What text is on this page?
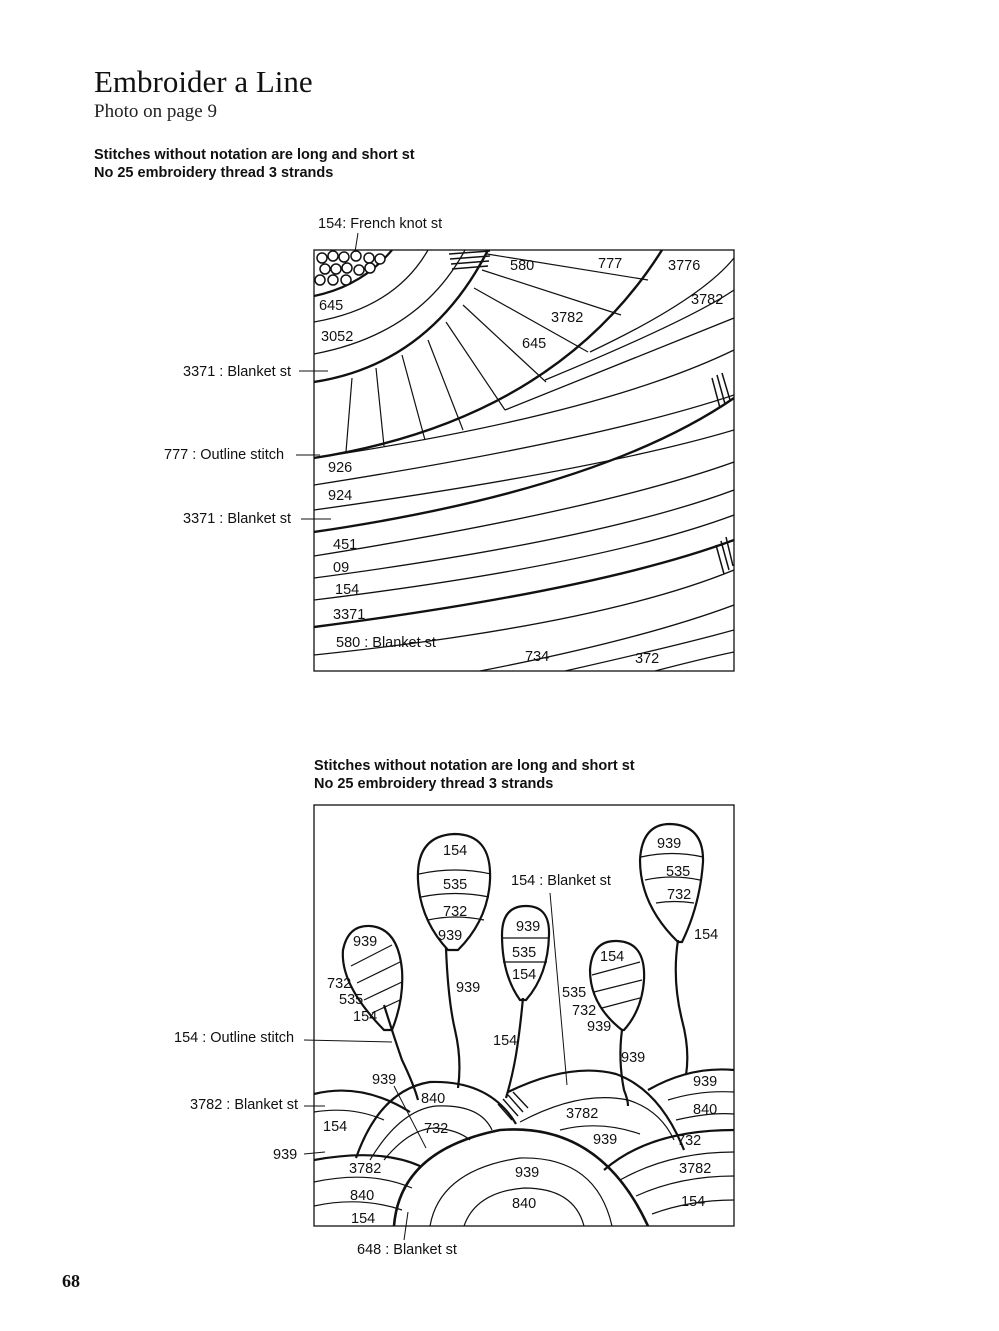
Embroider a Line
Photo on page 9
Stitches without notation are long and short st
No 25 embroidery thread 3 strands
Stitches without notation are long and short st
No 25 embroidery thread 3 strands
154: French knot st
3371 : Blanket st
777 : Outline stitch
3371 : Blanket st
580 : Blanket st
580	777	3776
3782
645
3052
3782
645
926
924
451
09
154
3371
734	372
154 : Blanket st
154 : Outline stitch
3782 : Blanket st
939
648 : Blanket st
154
535
732
939
939
535
732
939
535
154
732
535
154
939
154
535
732
939
939
154
154
939
939
840
732
154
3782
840
154
3782
939
939
840
939
840
732
3782
154
68
